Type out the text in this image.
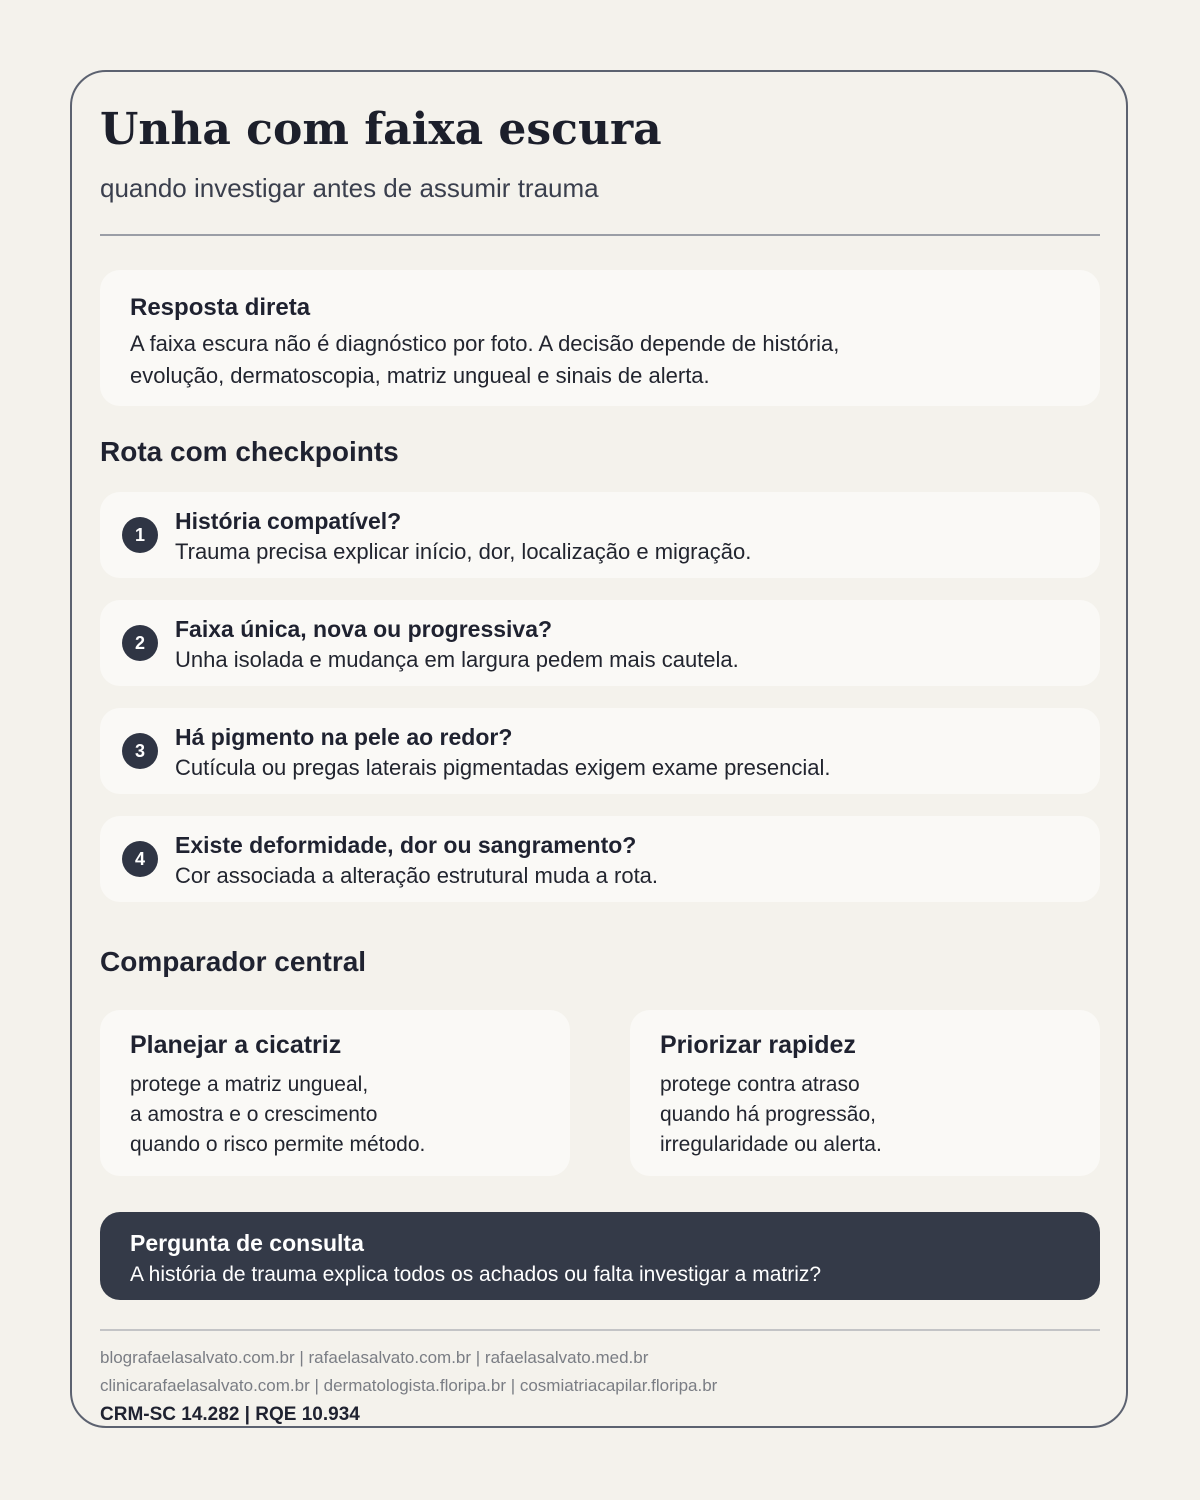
Unha com faixa escura

quando investigar antes de assumir trauma

Resposta direta

A faixa escura não é diagnóstico por foto. A decisão depende de história, evolução, dermatoscopia, matriz ungueal e sinais de alerta.

Rota com checkpoints
1
História compatível?
Trauma precisa explicar início, dor, localização e migração.
2
Faixa única, nova ou progressiva?
Unha isolada e mudança em largura pedem mais cautela.
3
Há pigmento na pele ao redor?
Cutícula ou pregas laterais pigmentadas exigem exame presencial.
4
Existe deformidade, dor ou sangramento?
Cor associada a alteração estrutural muda a rota.
Comparador central

Planejar a cicatriz

protege a matriz ungueal,

a amostra e o crescimento

quando o risco permite método.

Priorizar rapidez

protege contra atraso

quando há progressão,

irregularidade ou alerta.

Pergunta de consulta

A história de trauma explica todos os achados ou falta investigar a matriz?

blografaelasalvato.com.br | rafaelasalvato.com.br | rafaelasalvato.med.br

clinicarafaelasalvato.com.br | dermatologista.floripa.br | cosmiatriacapilar.floripa.br

CRM-SC 14.282 | RQE 10.934
